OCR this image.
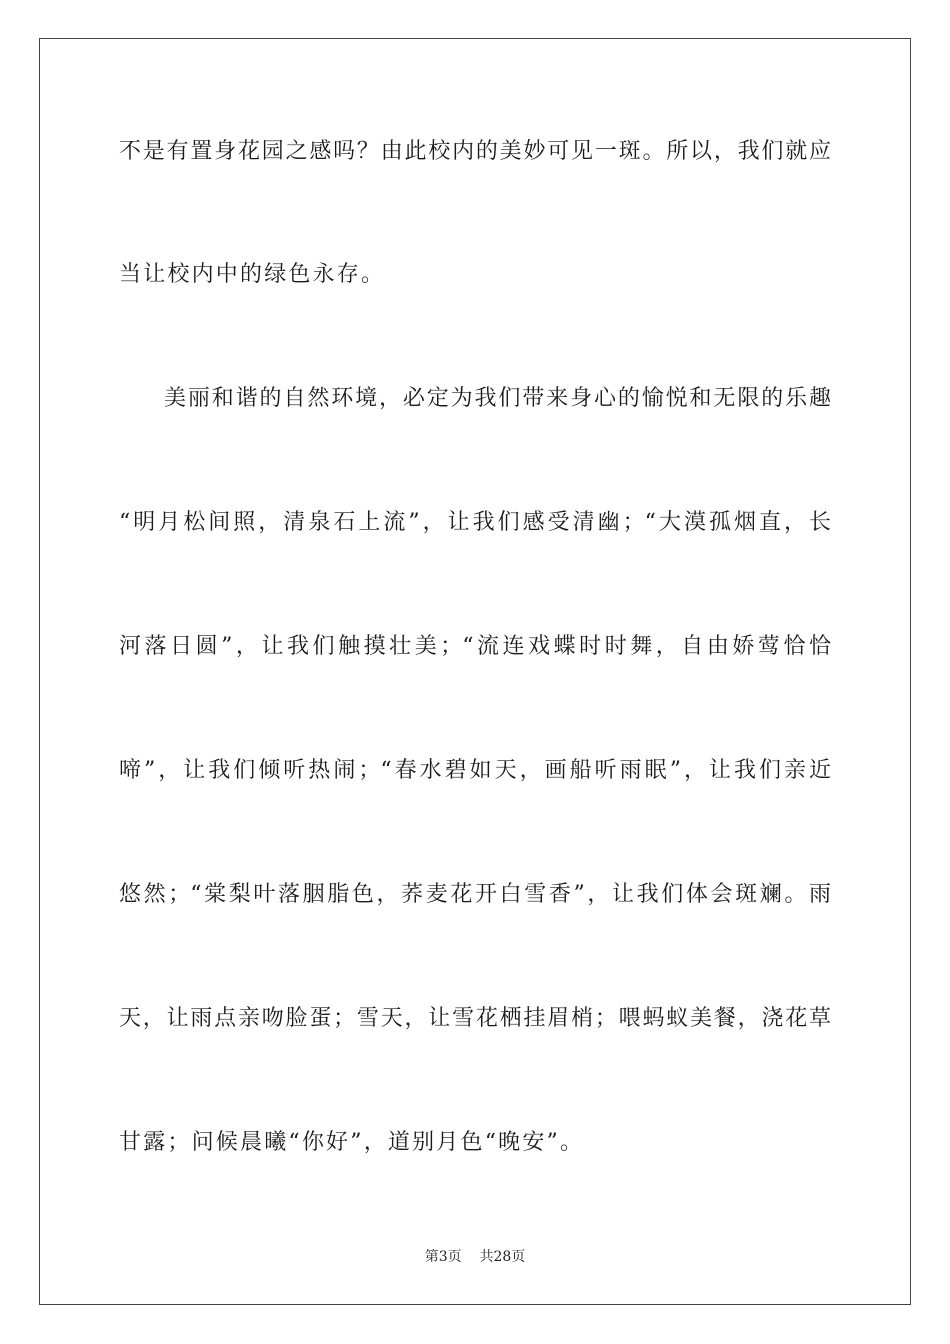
不是有置身花园之感吗？由此校内的美妙可见一斑。所以，我们就应
当让校内中的绿色永存。
美丽和谐的自然环境，必定为我们带来身心的愉悦和无限的乐趣
“明月松间照，清泉石上流”，让我们感受清幽；“大漠孤烟直，长
河落日圆”，让我们触摸壮美；“流连戏蝶时时舞，自由娇莺恰恰
啼”，让我们倾听热闹；“春水碧如天，画船听雨眠”，让我们亲近
悠然；“棠梨叶落胭脂色，荞麦花开白雪香”，让我们体会斑斓。雨
天，让雨点亲吻脸蛋；雪天，让雪花栖挂眉梢；喂蚂蚁美餐，浇花草
甘露；问候晨曦“你好”，道别月色“晚安”。
第3页 共28页
